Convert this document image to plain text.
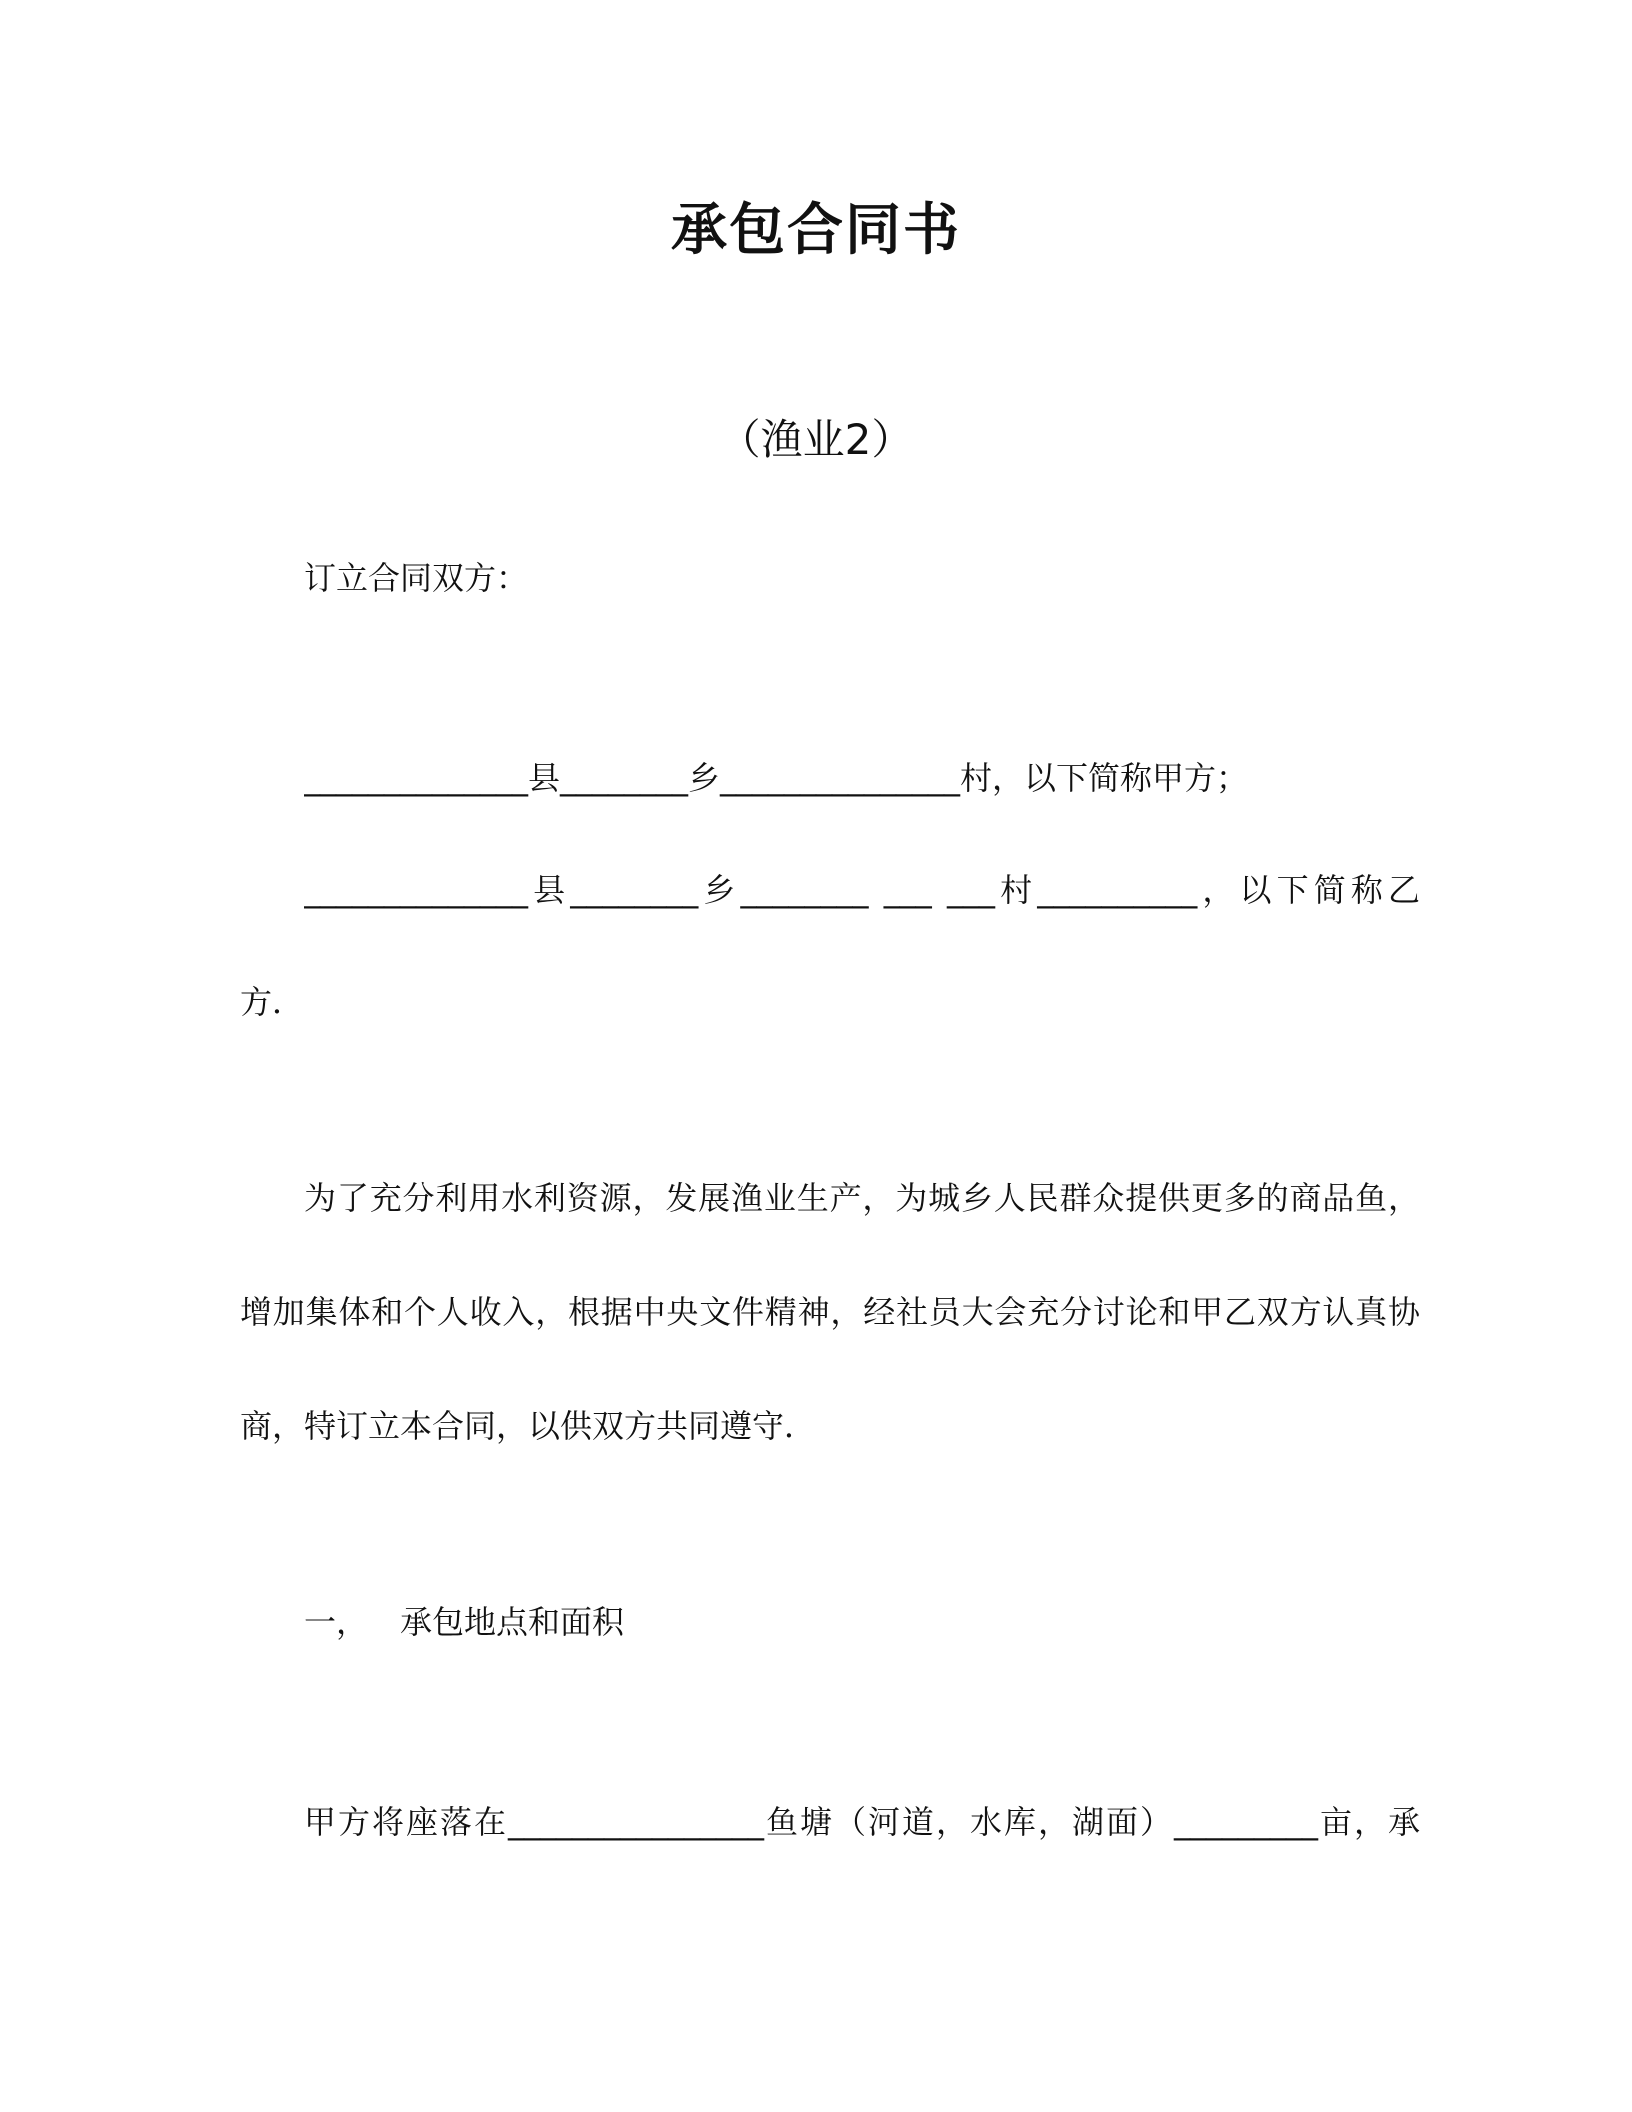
承包合同书
（渔业2）
订立合同双方：
______________县________乡_______________村，以下简称甲方；
______________县________乡________ ___ ___村__________，以下简称乙
方．
为了充分利用水利资源，发展渔业生产，为城乡人民群众提供更多的商品鱼，
增加集体和个人收入，根据中央文件精神，经社员大会充分讨论和甲乙双方认真协
商，特订立本合同，以供双方共同遵守．
一， 承包地点和面积
甲方将座落在________________鱼塘（河道，水库，湖面）_________亩，承
